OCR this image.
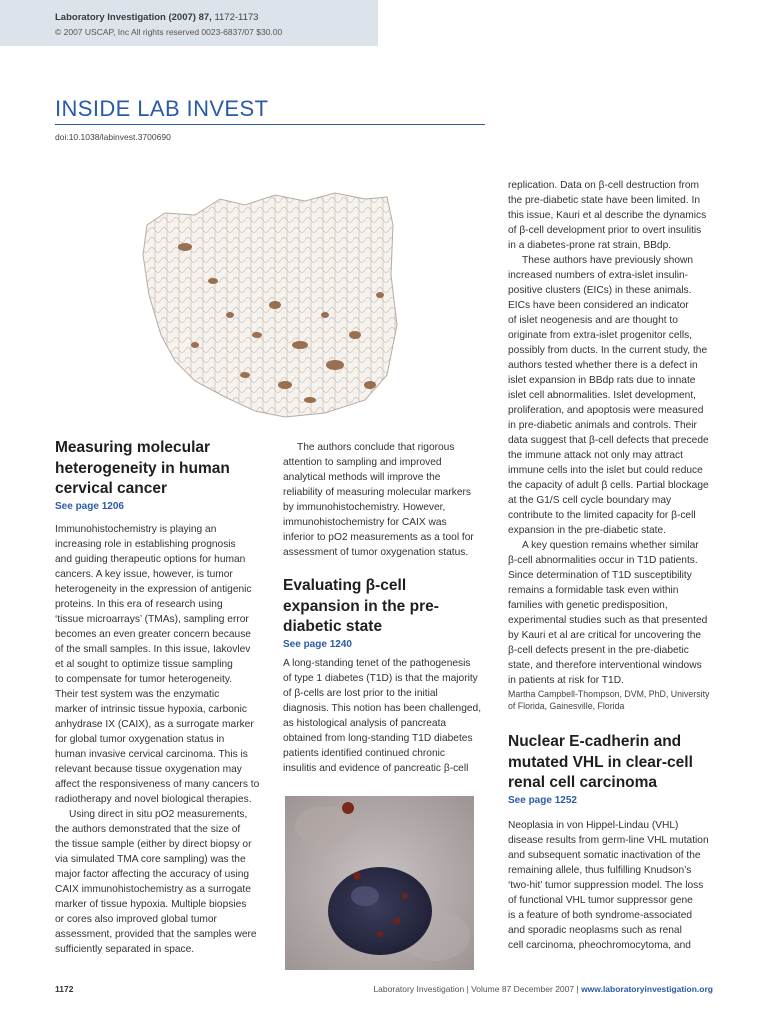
Laboratory Investigation (2007) 87, 1172-1173
© 2007 USCAP, Inc All rights reserved 0023-6837/07 $30.00
INSIDE LAB INVEST
doi:10.1038/labinvest.3700690
Measuring molecular
heterogeneity in human
cervical cancer
See page 1206

Immunohistochemistry is playing an
increasing role in establishing prognosis
and guiding therapeutic options for human
cancers. A key issue, however, is tumor
heterogeneity in the expression of antigenic
proteins. In this era of research using
‘tissue microarrays’ (TMAs), sampling error
becomes an even greater concern because
of the small samples. In this issue, Iakovlev
et al sought to optimize tissue sampling
to compensate for tumor heterogeneity.
Their test system was the enzymatic
marker of intrinsic tissue hypoxia, carbonic
anhydrase IX (CAIX), as a surrogate marker
for global tumor oxygenation status in
human invasive cervical carcinoma. This is
relevant because tissue oxygenation may
affect the responsiveness of many cancers to
radiotherapy and novel biological therapies.

Using direct in situ pO2 measurements,
the authors demonstrated that the size of
the tissue sample (either by direct biopsy or
via simulated TMA core sampling) was the
major factor affecting the accuracy of using
CAIX immunohistochemistry as a surrogate
marker of tissue hypoxia. Multiple biopsies
or cores also improved global tumor
assessment, provided that the samples were
sufficiently separated in space.

The authors conclude that rigorous
attention to sampling and improved
analytical methods will improve the
reliability of measuring molecular markers
by immunohistochemistry. However,
immunohistochemistry for CAIX was
inferior to pO2 measurements as a tool for
assessment of tumor oxygenation status.

Evaluating β-cell
expansion in the pre-
diabetic state
See page 1240

A long-standing tenet of the pathogenesis
of type 1 diabetes (T1D) is that the majority
of β-cells are lost prior to the initial
diagnosis. This notion has been challenged,
as histological analysis of pancreata
obtained from long-standing T1D diabetes
patients identified continued chronic
insulitis and evidence of pancreatic β-cell

replication. Data on β-cell destruction from
the pre-diabetic state have been limited. In
this issue, Kauri et al describe the dynamics
of β-cell development prior to overt insulitis
in a diabetes-prone rat strain, BBdp.

These authors have previously shown
increased numbers of extra-islet insulin-
positive clusters (EICs) in these animals.
EICs have been considered an indicator
of islet neogenesis and are thought to
originate from extra-islet progenitor cells,
possibly from ducts. In the current study, the
authors tested whether there is a defect in
islet expansion in BBdp rats due to innate
islet cell abnormalities. Islet development,
proliferation, and apoptosis were measured
in pre-diabetic animals and controls. Their
data suggest that β-cell defects that precede
the immune attack not only may attract
immune cells into the islet but could reduce
the capacity of adult β cells. Partial blockage
at the G1/S cell cycle boundary may
contribute to the limited capacity for β-cell
expansion in the pre-diabetic state.

A key question remains whether similar
β-cell abnormalities occur in T1D patients.
Since determination of T1D susceptibility
remains a formidable task even within
families with genetic predisposition,
experimental studies such as that presented
by Kauri et al are critical for uncovering the
β-cell defects present in the pre-diabetic
state, and therefore interventional windows
in patients at risk for T1D.

Martha Campbell-Thompson, DVM, PhD, University
of Florida, Gainesville, Florida
Nuclear E-cadherin and
mutated VHL in clear-cell
renal cell carcinoma
See page 1252

Neoplasia in von Hippel-Lindau (VHL)
disease results from germ-line VHL mutation
and subsequent somatic inactivation of the
remaining allele, thus fulfilling Knudson’s
‘two-hit’ tumor suppression model. The loss
of functional VHL tumor suppressor gene
is a feature of both syndrome-associated
and sporadic neoplasms such as renal
cell carcinoma, pheochromocytoma, and

1172	Laboratory Investigation | Volume 87 December 2007 | www.laboratoryinvestigation.org
